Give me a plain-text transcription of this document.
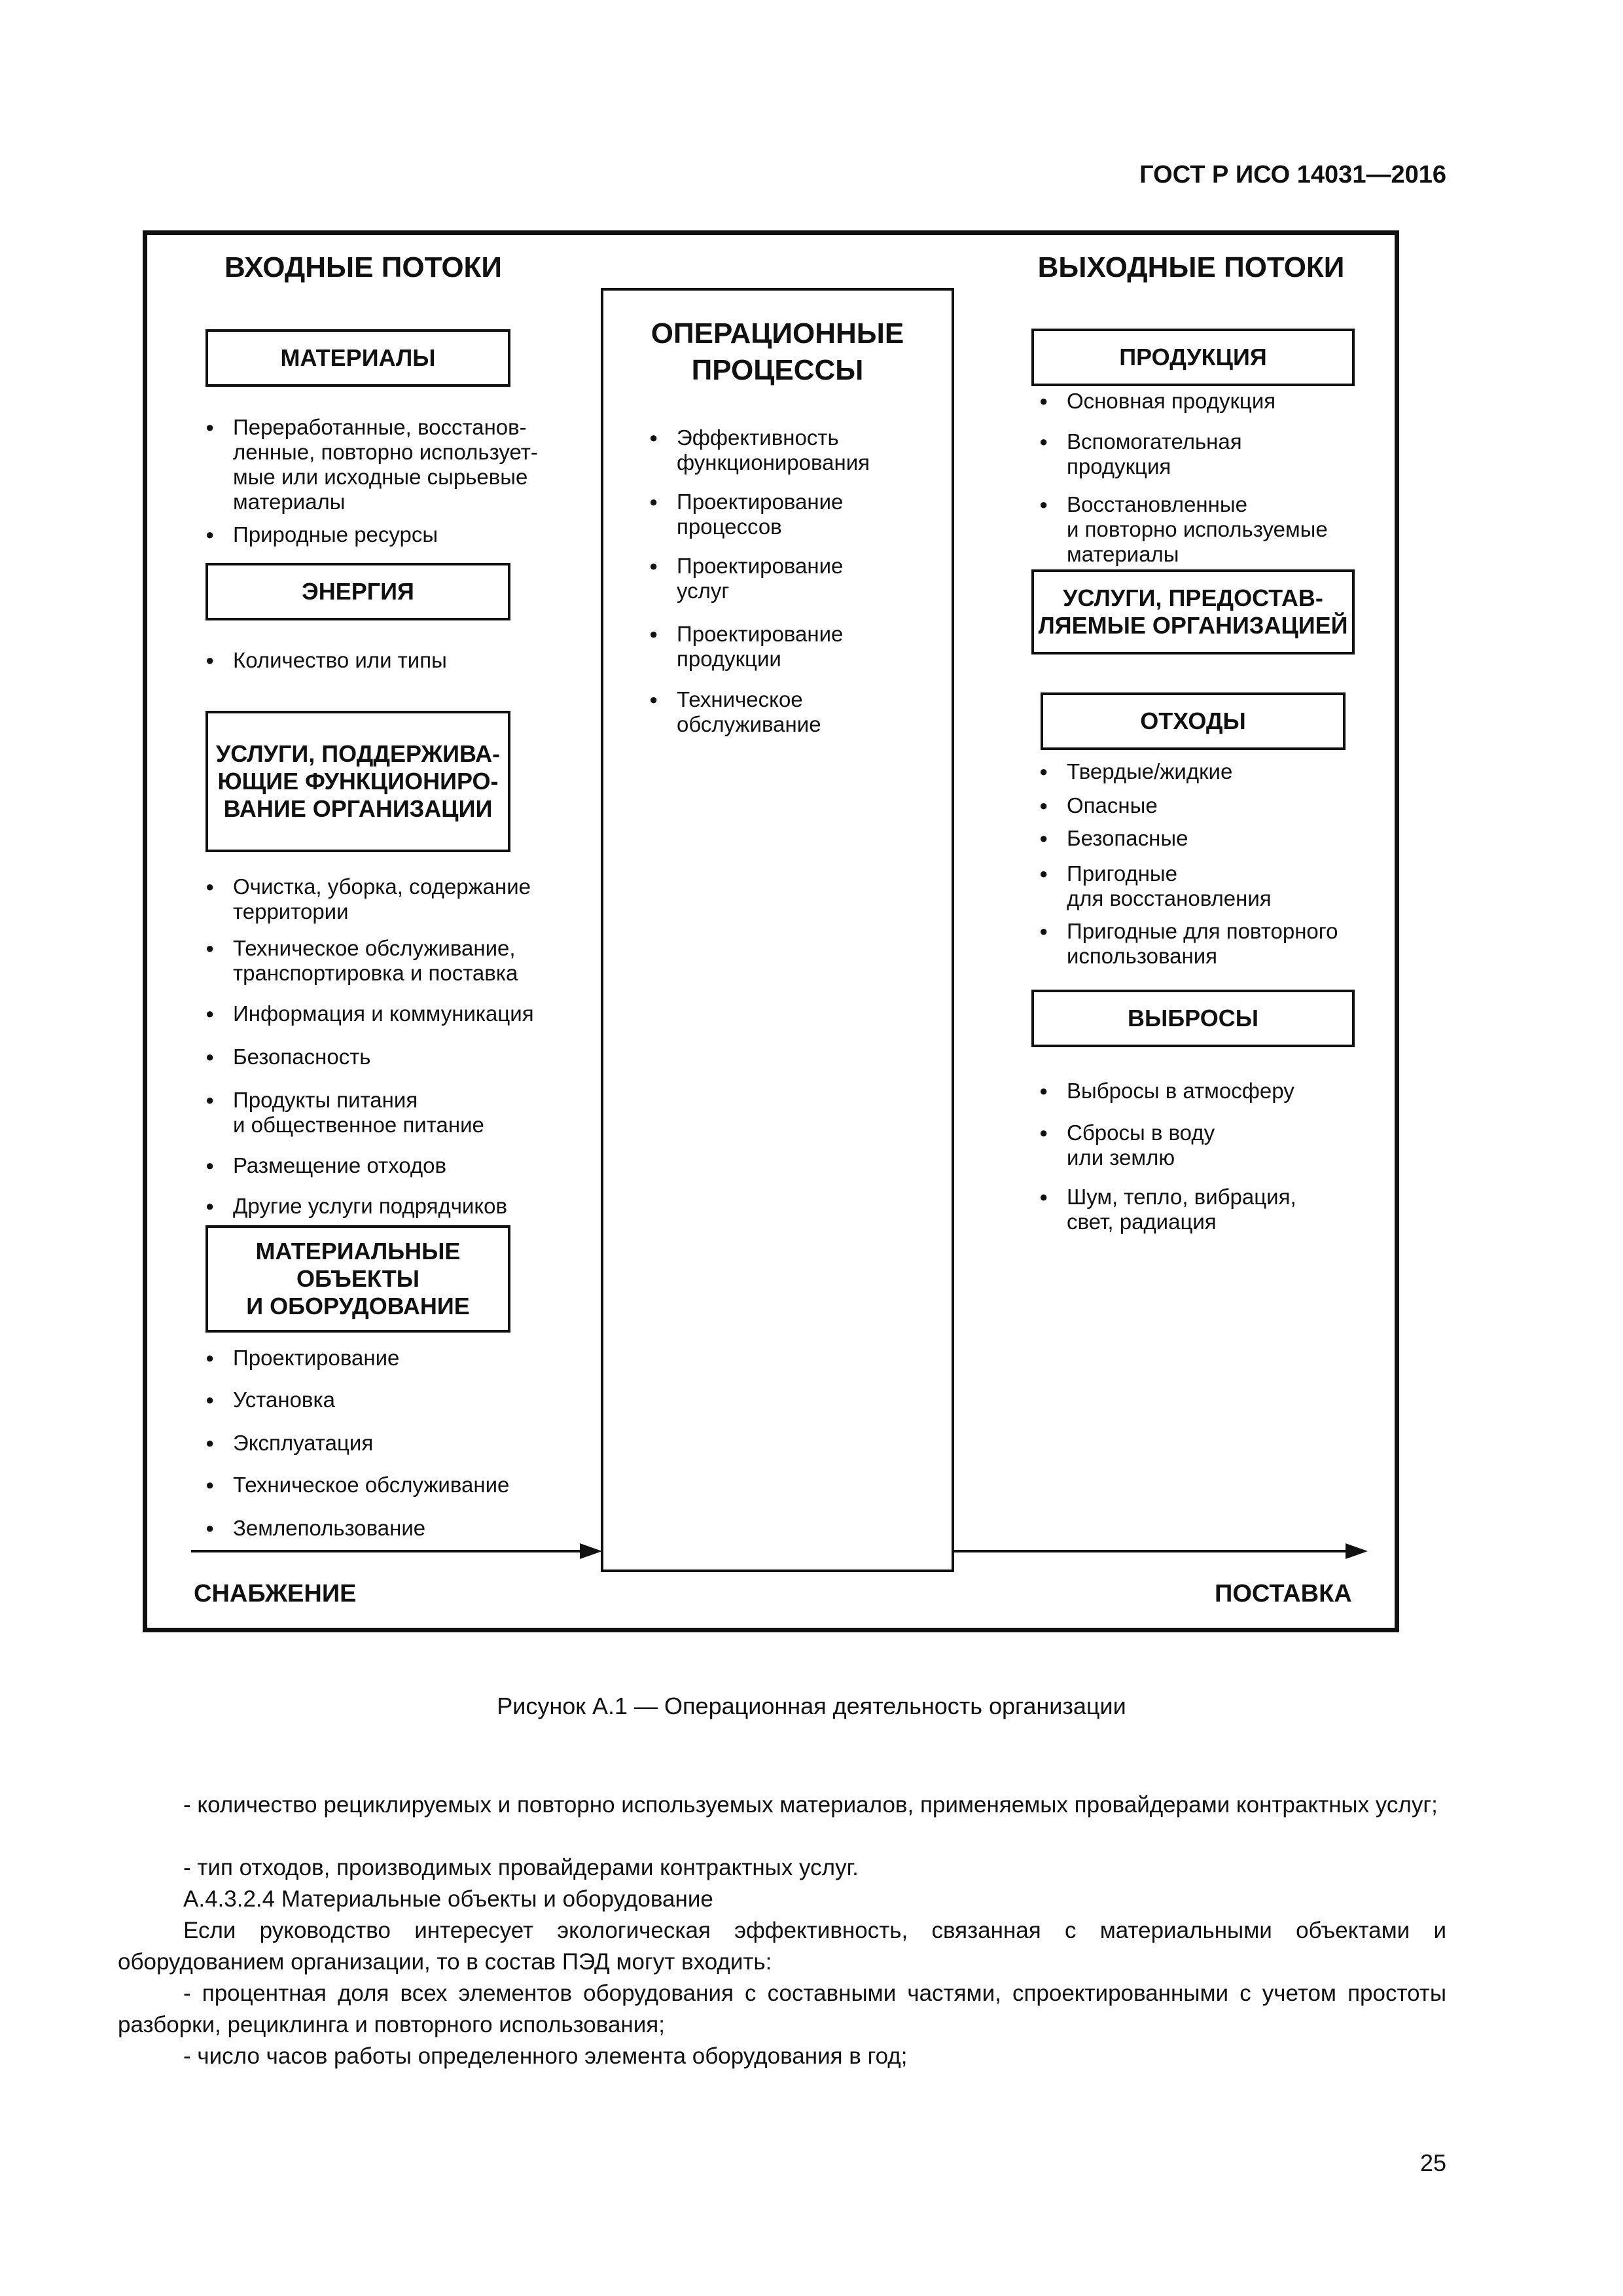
ГОСТ Р ИСО 14031—2016
ВХОДНЫЕ ПОТОКИ	ВЫХОДНЫЕ ПОТОКИ
ОПЕРАЦИОННЫЕ ПРОЦЕССЫ
● Эффективность
функционирования
● Проектирование
процессов
● Проектирование
услуг
● Проектирование
продукции
● Техническое
обслуживание
МАТЕРИАЛЫ
● Переработанные, восстанов-
ленные, повторно использует-
мые или исходные сырьевые
материалы
● Природные ресурсы
ЭНЕРГИЯ
● Количество или типы
УСЛУГИ, ПОДДЕРЖИВА-
ЮЩИЕ ФУНКЦИОНИРО-
ВАНИЕ ОРГАНИЗАЦИИ
● Очистка, уборка, содержание
территории
● Техническое обслуживание,
транспортировка и поставка
● Информация и коммуникация
● Безопасность
● Продукты питания
и общественное питание
● Размещение отходов
● Другие услуги подрядчиков
МАТЕРИАЛЬНЫЕ
ОБЪЕКТЫ
И ОБОРУДОВАНИЕ
● Проектирование
● Установка
● Эксплуатация
● Техническое обслуживание
● Землепользование
ПРОДУКЦИЯ
● Основная продукция
● Вспомогательная
продукция
● Восстановленные
и повторно используемые
материалы
УСЛУГИ, ПРЕДОСТАВ-
ЛЯЕМЫЕ ОРГАНИЗАЦИЕЙ
ОТХОДЫ
● Твердые/жидкие
● Опасные
● Безопасные
● Пригодные
для восстановления
● Пригодные для повторного
использования
ВЫБРОСЫ
● Выбросы в атмосферу
● Сбросы в воду
или землю
● Шум, тепло, вибрация,
свет, радиация
СНАБЖЕНИЕ	ПОСТАВКА
Рисунок А.1 — Операционная деятельность организации
- количество рециклируемых и повторно используемых материалов, применяемых провайдерами контрактных услуг;
- тип отходов, производимых провайдерами контрактных услуг.
А.4.3.2.4 Материальные объекты и оборудование
Если руководство интересует экологическая эффективность, связанная с материальными объектами и оборудованием организации, то в состав ПЭД могут входить:
- процентная доля всех элементов оборудования с составными частями, спроектированными с учетом простоты разборки, рециклинга и повторного использования;
- число часов работы определенного элемента оборудования в год;
25
